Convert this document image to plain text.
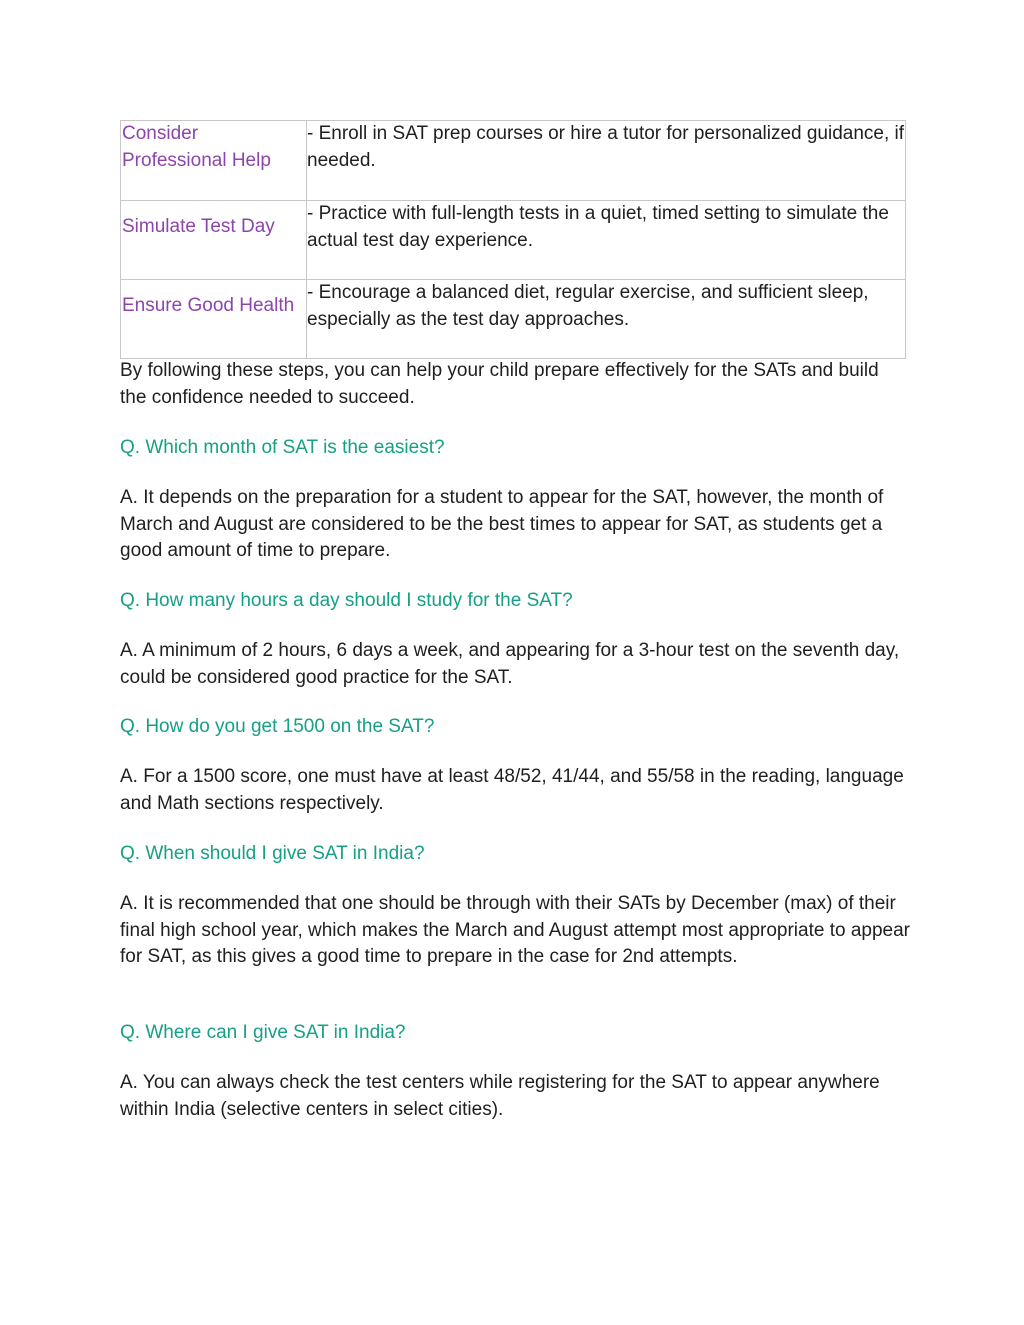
Consider Professional Help	- Enroll in SAT prep courses or hire a tutor for personalized guidance, if needed.
Simulate Test Day	- Practice with full-length tests in a quiet, timed setting to simulate the actual test day experience.
Ensure Good Health	- Encourage a balanced diet, regular exercise, and sufficient sleep, especially as the test day approaches.

By following these steps, you can help your child prepare effectively for the SATs and build the confidence needed to succeed.

Q. Which month of SAT is the easiest?

A. It depends on the preparation for a student to appear for the SAT, however, the month of March and August are considered to be the best times to appear for SAT, as students get a good amount of time to prepare.

Q. How many hours a day should I study for the SAT?

A. A minimum of 2 hours, 6 days a week, and appearing for a 3-hour test on the seventh day, could be considered good practice for the SAT.

Q. How do you get 1500 on the SAT?

A. For a 1500 score, one must have at least 48/52, 41/44, and 55/58 in the reading, language and Math sections respectively.

Q. When should I give SAT in India?

A. It is recommended that one should be through with their SATs by December (max) of their final high school year, which makes the March and August attempt most appropriate to appear for SAT, as this gives a good time to prepare in the case for 2nd attempts.

Q. Where can I give SAT in India?

A. You can always check the test centers while registering for the SAT to appear anywhere within India (selective centers in select cities).
